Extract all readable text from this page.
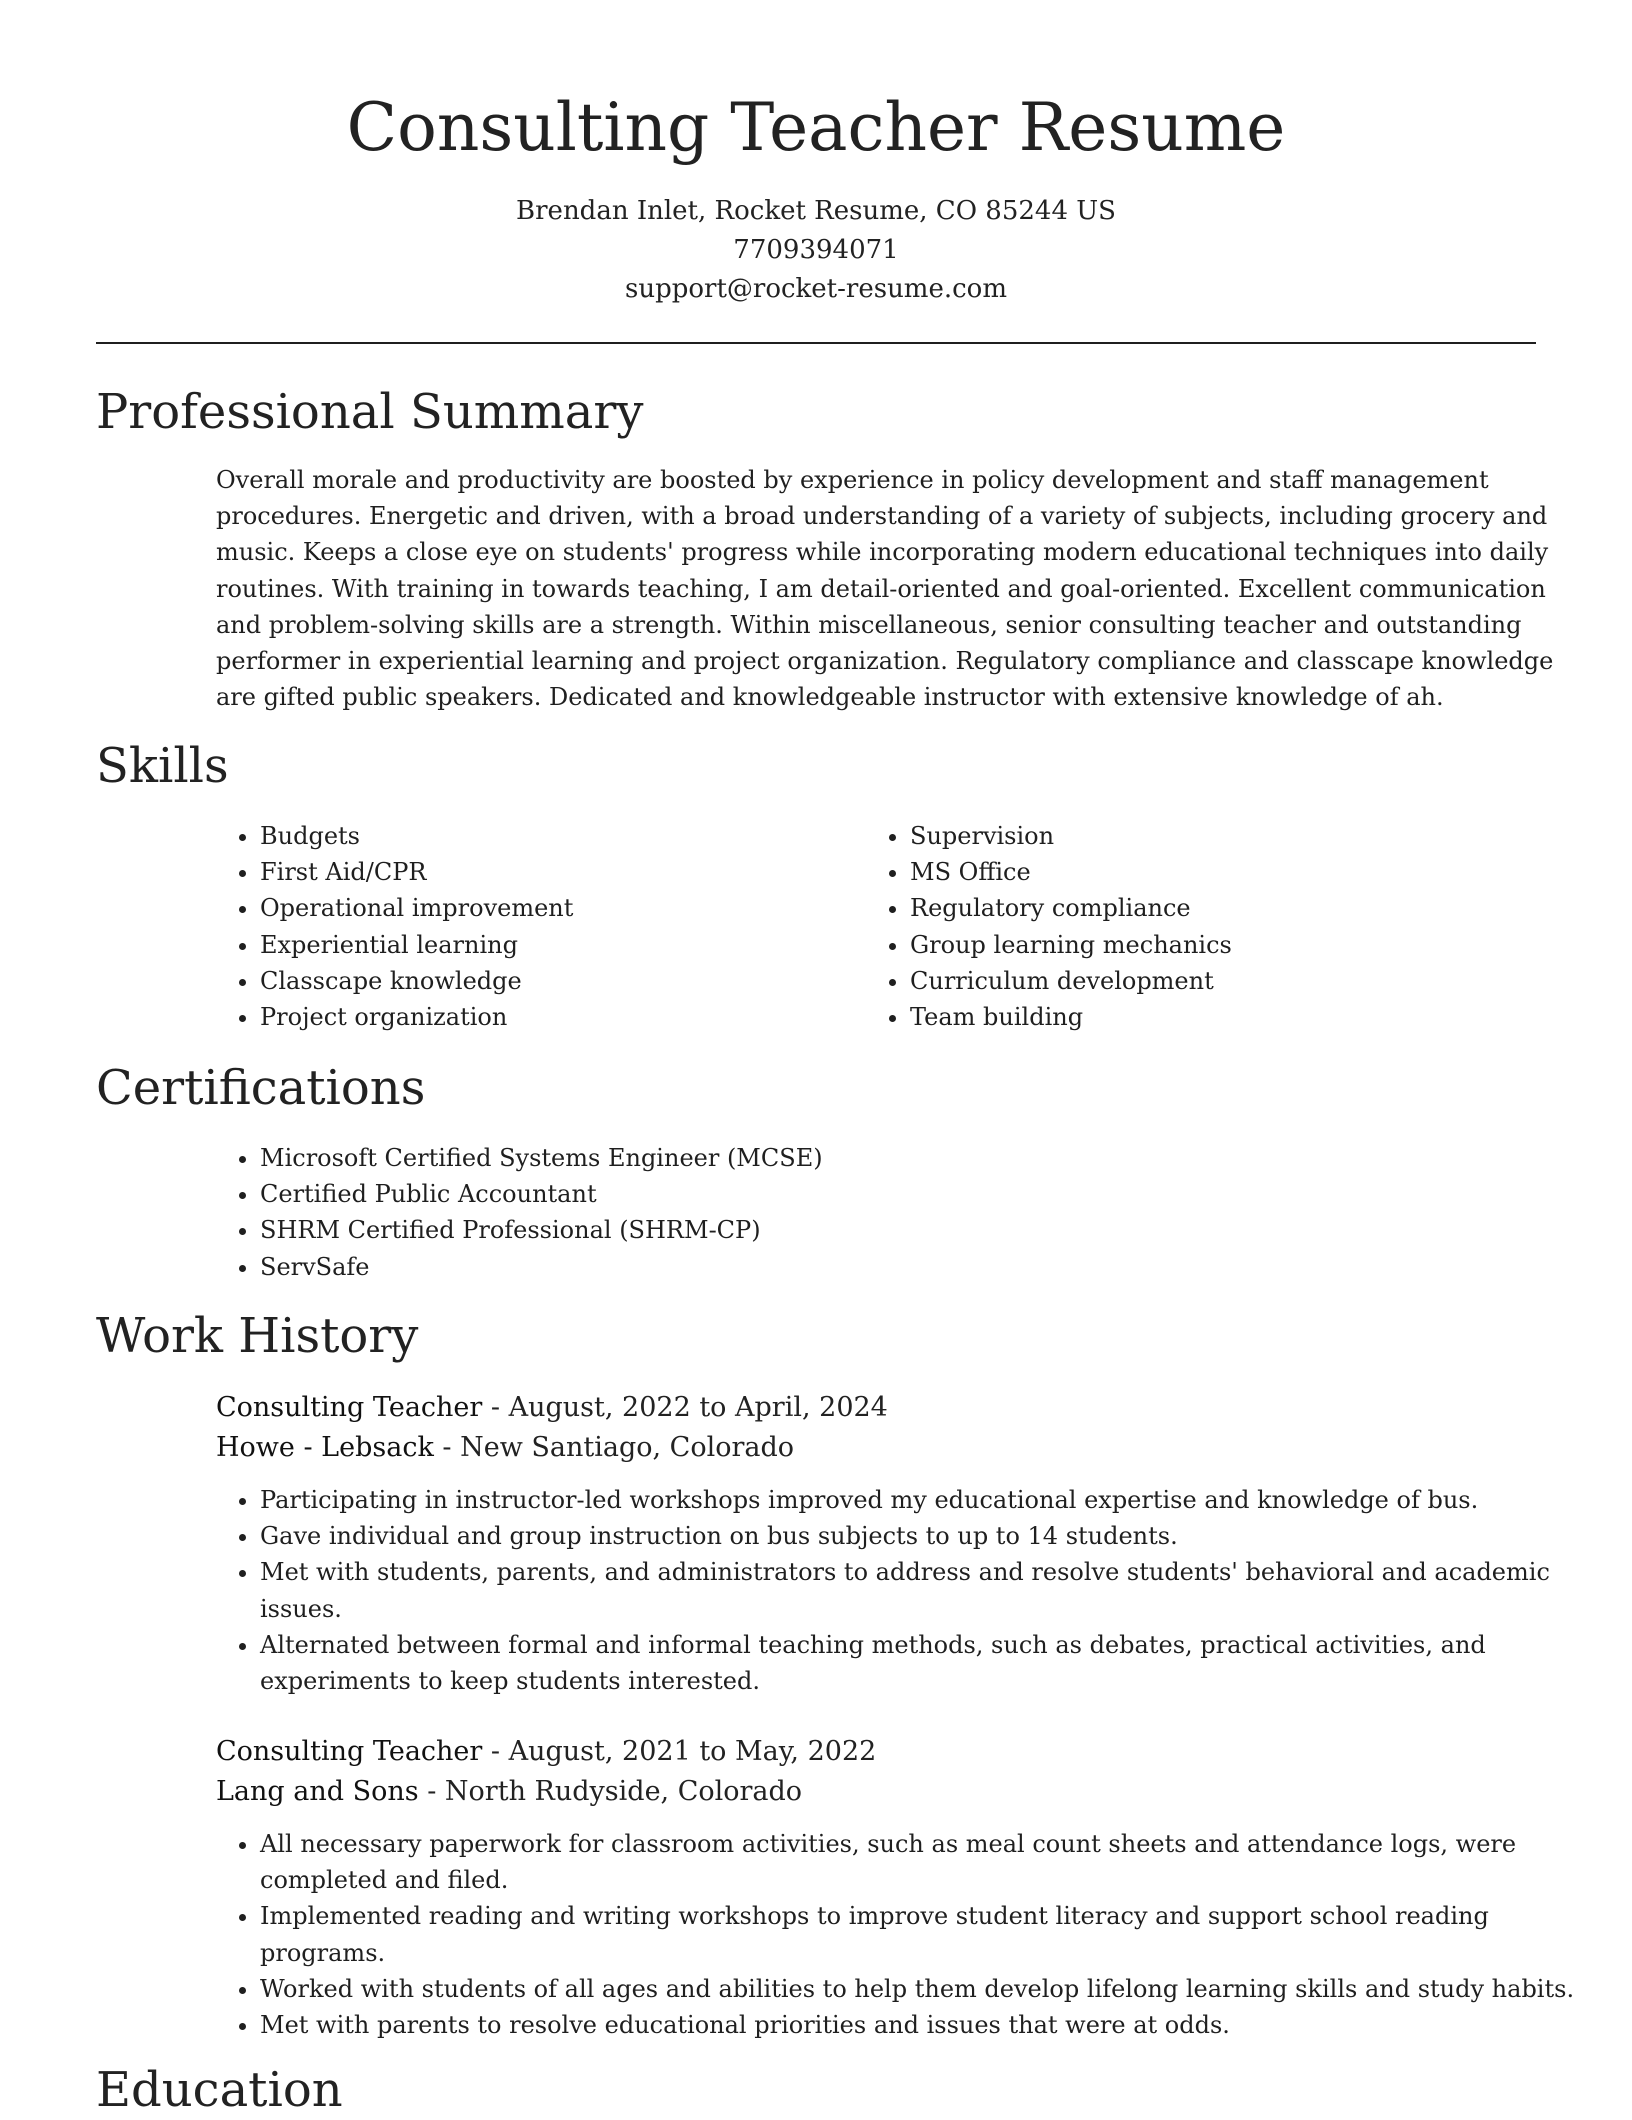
Consulting Teacher Resume
Brendan Inlet, Rocket Resume, CO 85244 US
7709394071
support@rocket-resume.com
Professional Summary

Overall morale and productivity are boosted by experience in policy development and staff management procedures. Energetic and driven, with a broad understanding of a variety of subjects, including grocery and music. Keeps a close eye on students' progress while incorporating modern educational techniques into daily routines. With training in towards teaching, I am detail-oriented and goal-oriented. Excellent communication and problem-solving skills are a strength. Within miscellaneous, senior consulting teacher and outstanding performer in experiential learning and project organization. Regulatory compliance and classcape knowledge are gifted public speakers. Dedicated and knowledgeable instructor with extensive knowledge of ah.

Skills
• Budgets
• First Aid/CPR
• Operational improvement
• Experiential learning
• Classcape knowledge
• Project organization
• Supervision
• MS Office
• Regulatory compliance
• Group learning mechanics
• Curriculum development
• Team building
Certifications
• Microsoft Certified Systems Engineer (MCSE)
• Certified Public Accountant
• SHRM Certified Professional (SHRM-CP)
• ServSafe
Work History
Consulting Teacher - August, 2022 to April, 2024
Howe - Lebsack - New Santiago, Colorado
• Participating in instructor-led workshops improved my educational expertise and knowledge of bus.
• Gave individual and group instruction on bus subjects to up to 14 students.
• Met with students, parents, and administrators to address and resolve students' behavioral and academic issues.
• Alternated between formal and informal teaching methods, such as debates, practical activities, and experiments to keep students interested.
Consulting Teacher - August, 2021 to May, 2022
Lang and Sons - North Rudyside, Colorado
• All necessary paperwork for classroom activities, such as meal count sheets and attendance logs, were completed and filed.
• Implemented reading and writing workshops to improve student literacy and support school reading programs.
• Worked with students of all ages and abilities to help them develop lifelong learning skills and study habits.
• Met with parents to resolve educational priorities and issues that were at odds.
Education
